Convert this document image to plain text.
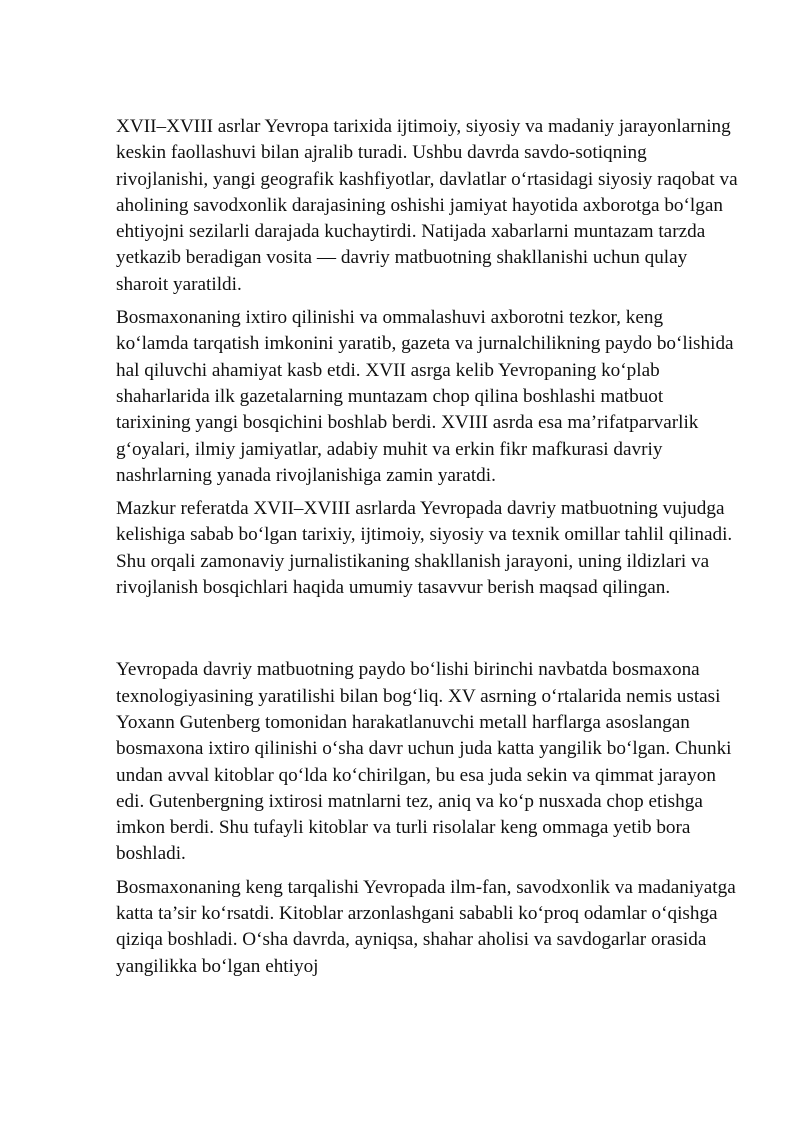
XVII–XVIII asrlar Yevropa tarixida ijtimoiy, siyosiy va madaniy jarayonlarning keskin faollashuvi bilan ajralib turadi. Ushbu davrda savdo-sotiqning rivojlanishi, yangi geografik kashfiyotlar, davlatlar o‘rtasidagi siyosiy raqobat va aholining savodxonlik darajasining oshishi jamiyat hayotida axborotga bo‘lgan ehtiyojni sezilarli darajada kuchaytirdi. Natijada xabarlarni muntazam tarzda yetkazib beradigan vosita — davriy matbuotning shakllanishi uchun qulay sharoit yaratildi.

Bosmaxonaning ixtiro qilinishi va ommalashuvi axborotni tezkor, keng ko‘lamda tarqatish imkonini yaratib, gazeta va jurnalchilikning paydo bo‘lishida hal qiluvchi ahamiyat kasb etdi. XVII asrga kelib Yevropaning ko‘plab shaharlarida ilk gazetalarning muntazam chop qilina boshlashi matbuot tarixining yangi bosqichini boshlab berdi. XVIII asrda esa ma’rifatparvarlik g‘oyalari, ilmiy jamiyatlar, adabiy muhit va erkin fikr mafkurasi davriy nashrlarning yanada rivojlanishiga zamin yaratdi.

Mazkur referatda XVII–XVIII asrlarda Yevropada davriy matbuotning vujudga kelishiga sabab bo‘lgan tarixiy, ijtimoiy, siyosiy va texnik omillar tahlil qilinadi. Shu orqali zamonaviy jurnalistikaning shakllanish jarayoni, uning ildizlari va rivojlanish bosqichlari haqida umumiy tasavvur berish maqsad qilingan.

Yevropada davriy matbuotning paydo bo‘lishi birinchi navbatda bosmaxona texnologiyasining yaratilishi bilan bog‘liq. XV asrning o‘rtalarida nemis ustasi Yoxann Gutenberg tomonidan harakatlanuvchi metall harflarga asoslangan bosmaxona ixtiro qilinishi o‘sha davr uchun juda katta yangilik bo‘lgan. Chunki undan avval kitoblar qo‘lda ko‘chirilgan, bu esa juda sekin va qimmat jarayon edi. Gutenbergning ixtirosi matnlarni tez, aniq va ko‘p nusxada chop etishga imkon berdi. Shu tufayli kitoblar va turli risolalar keng ommaga yetib bora boshladi.

Bosmaxonaning keng tarqalishi Yevropada ilm-fan, savodxonlik va madaniyatga katta ta’sir ko‘rsatdi. Kitoblar arzonlashgani sababli ko‘proq odamlar o‘qishga qiziqa boshladi. O‘sha davrda, ayniqsa, shahar aholisi va savdogarlar orasida yangilikka bo‘lgan ehtiyoj
